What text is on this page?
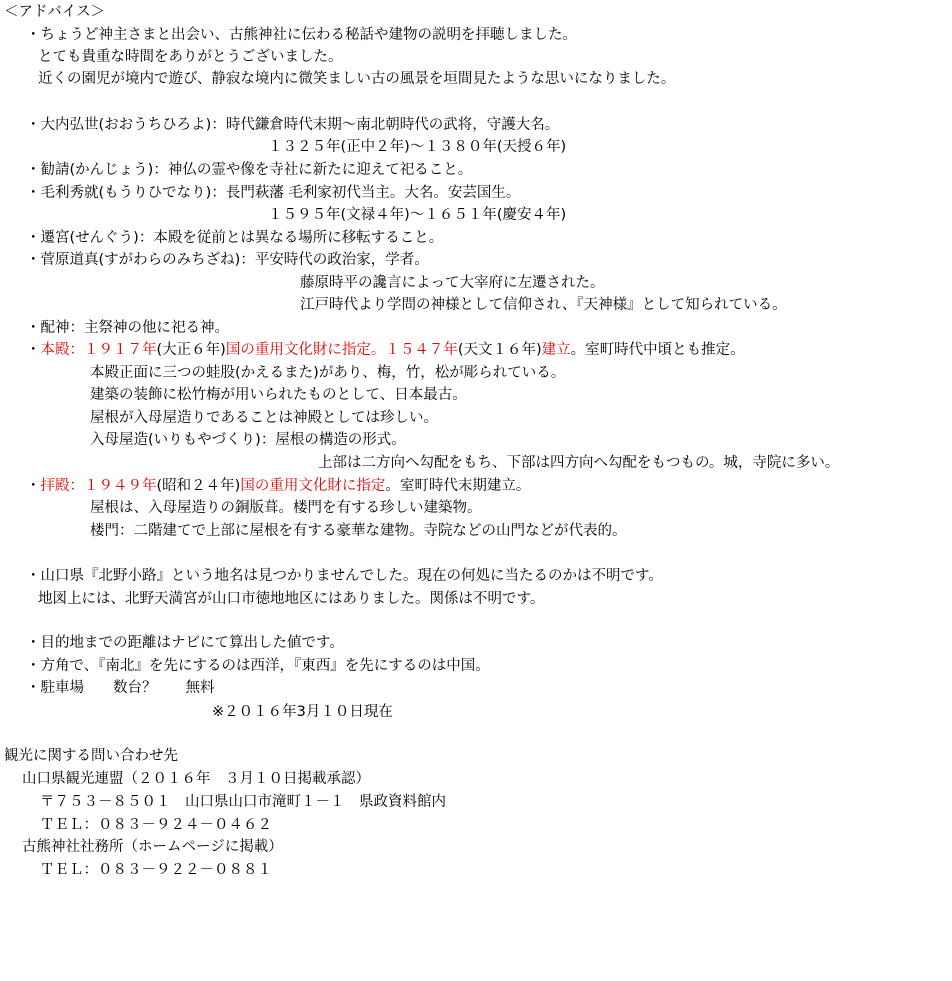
＜アドバイス＞
・ちょうど神主さまと出会い、古熊神社に伝わる秘話や建物の説明を拝聴しました。
とても貴重な時間をありがとうございました。
近くの園児が境内で遊び、静寂な境内に微笑ましい古の風景を垣間見たような思いになりました。
・大内弘世(おおうちひろよ)：時代鎌倉時代末期～南北朝時代の武将，守護大名。
１３２５年(正中２年)～１３８０年(天授６年)
・勧請(かんじょう)：神仏の霊や像を寺社に新たに迎えて祀ること。
・毛利秀就(もうりひでなり)：長門萩藩 毛利家初代当主。大名。安芸国生。
１５９５年(文禄４年)～１６５１年(慶安４年)
・遷宮(せんぐう)：本殿を従前とは異なる場所に移転すること。
・菅原道真(すがわらのみちざね)：平安時代の政治家，学者。
藤原時平の讒言によって大宰府に左遷された。
江戸時代より学問の神様として信仰され、『天神様』として知られている。
・配神：主祭神の他に祀る神。
・本殿：１９１７年(大正６年)国の重用文化財に指定。１５４７年(天文１６年)建立。室町時代中頃とも推定。
本殿正面に三つの蛙股(かえるまた)があり、梅，竹，松が彫られている。
建築の装飾に松竹梅が用いられたものとして、日本最古。
屋根が入母屋造りであることは神殿としては珍しい。
入母屋造(いりもやづくり)：屋根の構造の形式。
上部は二方向へ勾配をもち、下部は四方向へ勾配をもつもの。城，寺院に多い。
・拝殿：１９４９年(昭和２４年)国の重用文化財に指定。室町時代末期建立。
屋根は、入母屋造りの銅版葺。楼門を有する珍しい建築物。
楼門：二階建てで上部に屋根を有する豪華な建物。寺院などの山門などが代表的。
・山口県『北野小路』という地名は見つかりませんでした。現在の何処に当たるのかは不明です。
地図上には、北野天満宮が山口市徳地地区にはありました。関係は不明です。
・目的地までの距離はナビにて算出した値です。
・方角で、『南北』を先にするのは西洋，『東西』を先にするのは中国。
・駐車場　　数台？　　無料
※２０１６年3月１０日現在
観光に関する問い合わせ先
山口県観光連盟（２０１６年　３月１０日掲載承認）
〒７５３－８５０１　山口県山口市滝町１－１　県政資料館内
ＴＥＬ：０８３－９２４－０４６２
古熊神社社務所（ホームページに掲載）
ＴＥＬ：０８３－９２２－０８８１
